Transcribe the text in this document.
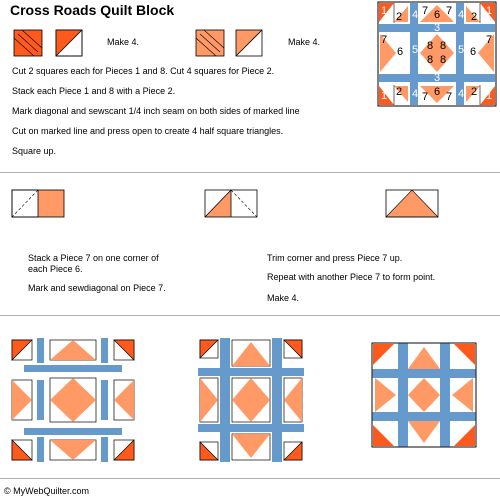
Cross Roads Quilt Block	1 2 4 7 6 7 4 2 1
7
6 5 8 8
8 8
3
3
5 6
7
1 2 4 7 6 7 4 2 1
Make 4.	Make 4.
Cut 2 squares each for Pieces 1 and 8. Cut 4 squares for Piece 2.
Stack each Piece 1 and 8 with a Piece 2.
Mark diagonal and sewscant 1/4 inch seam on both sides of marked line
Cut on marked line and press open to create 4 half square triangles.
Square up.
Stack a Piece 7 on one corner of
each Piece 6.
Mark and sewdiagonal on Piece 7.
Trim corner and press Piece 7 up.
Repeat with another Piece 7 to form point.
Make 4.
© MyWebQuilter.com
